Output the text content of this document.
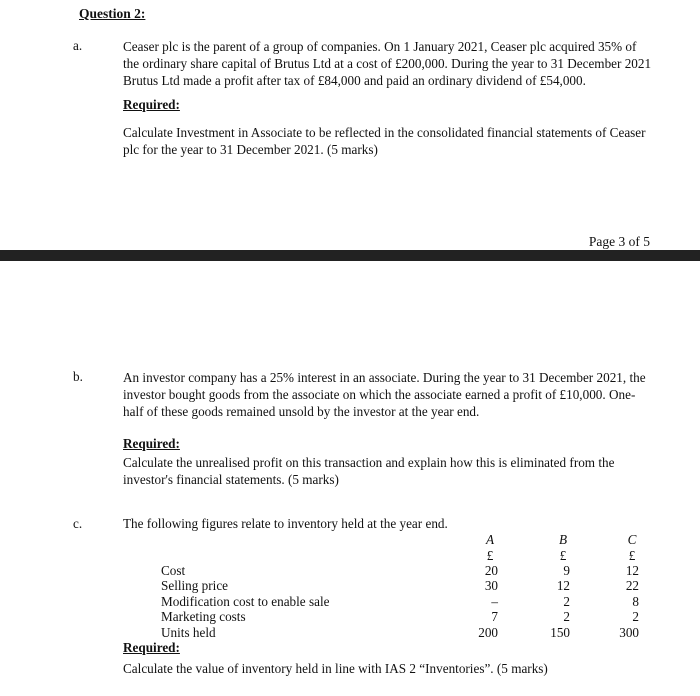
Question 2:
a.	Ceaser plc is the parent of a group of companies. On 1 January 2021, Ceaser plc acquired 35% of
the ordinary share capital of Brutus Ltd at a cost of £200,000. During the year to 31 December 2021
Brutus Ltd made a profit after tax of £84,000 and paid an ordinary dividend of £54,000.
Required:
Calculate Investment in Associate to be reflected in the consolidated financial statements of Ceaser
plc for the year to 31 December 2021. (5 marks)
Page 3 of 5
b.	An investor company has a 25% interest in an associate. During the year to 31 December 2021, the
investor bought goods from the associate on which the associate earned a profit of £10,000. One-
half of these goods remained unsold by the investor at the year end.
Required:
Calculate the unrealised profit on this transaction and explain how this is eliminated from the
investor's financial statements. (5 marks)
c.	The following figures relate to inventory held at the year end.
A	B	C
£	£	£
Cost	20	9	12
Selling price	30	12	22
Modification cost to enable sale	–	2	8
Marketing costs	7	2	2
Units held	200	150	300
Required:
Calculate the value of inventory held in line with IAS 2 “Inventories”. (5 marks)
